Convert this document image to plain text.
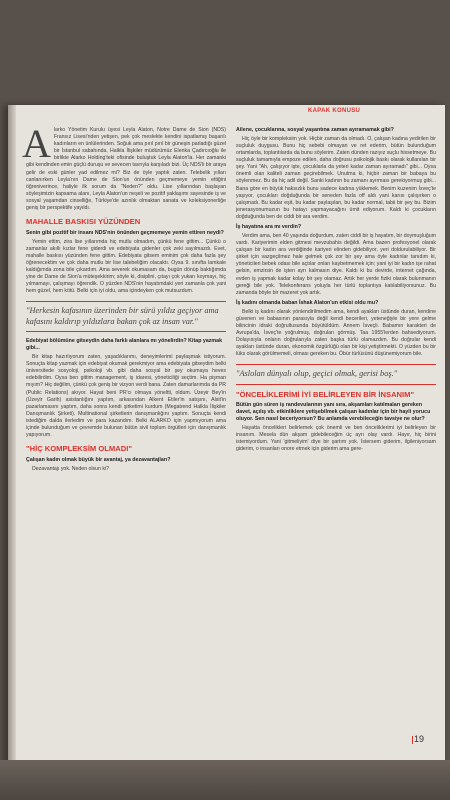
KAPAK KONUSU
A larko Yönetim Kurulu üyesi Leyla Alaton, Notre Dame de Sion (NDS) Fransız Lisesi'nden yetişen, pek çok meslekte kendini ispatlamış başarılı kadınların en ünlülerinden. Soğuk ama pırıl pırıl bir güneşin parladığı güzel bir İstanbul sabahında, Halkla İlişkiler müdürümüz Elenka Çadırcıoğlu ile birlikte Alarko Holding'teki ofisinde buluştuk Leyla Alaton'la. Her zamanki gibi kendinden emin güçlü duruşu ve sevecen tavrıyla karşıladı bizi. Üç NDS'li bir araya gelir de eski günler yad edilmez mi? Biz de öyle yaptık zaten. Telebelik yılları canlanırken Leyla'nın Dame de Sion'un önünden geçmemeye yemin ettiğini öğreniverince, haliyle ilk sorum da "Neden?" oldu. Lise yıllarından başlayan söyleşimizin kapsama alanı, Leyla Alaton'un neşeli ve pozitif yaklaşımı sayesinde iş ve sosyal yaşamdan cinselliğe, Türkiye'de azınlık olmaktan sanata ve koleksiyonerliğe geniş bir perspektife yayıldı.

MAHALLE BASKISI YÜZÜNDEN
Senin gibi pozitif bir insanı NDS'nin önünden geçmemeye yemin ettiren neydi?

Yemin ettim, zira lise yıllarımda hiç mutlu olmadım, çünkü fene gittim... Çünkü o zamanlar akıllı kızlar fene giderdi ve edebiyata gidenler çok zeki sayılmazdı. Evet, mahalle baskısı yüzünden fene gittim. Edebiyata gitsem eminim çok daha fazla şey öğrenecektim ve çok daha mutlu bir lise talebeliğim olacaktı. Oysa 9. sınıfta lamkale kaldığımda zona bile çıkardım. Ama severek okumasam da, bugün dönüp baktığımda yine de Dame de Sion'a müteşekkirim; söyle ki, disiplini, çıtayı çok yukarı koymayı, hiç yılmamayı, çalışmayı öğrendik. O yüzden NDS'nin hayatımdaki yeri zamanla çok yani hem güzel, hem kötü. Belki için iyi oldu, ama içindeyken çok mutsuzdum.

"Herkesin kafasının üzerinden bir sürü yıldız geçiyor ama kafasını kaldırıp yıldızlara bakan çok az insan var."
Edebiyat bölümüne gitseydin daha farklı alanlara mı yönelirdin? Kitap yazmak gibi...

Bir kitap hazırlıyorum zaten, yaşadıklarımı, deneyimlerimi paylaşmak istiyorum. Sonuçta kitap yazmak için edebiyat okumak gerekmiyor ama edebiyata gitseydim belki üniversitede sosyoloji, psikoloji vb. gibi daha sosyal bir şey okumaya heves edebilirdim. Oysa ben gittim management, iş idaresi, yöneticiliği seçtim. Ha pişman mıyım? Hiç değilim, çünkü çok geniş bir vizyon verdi bana. Zaten damarlarımda da PR (Public Relations) akıyor. Hayat beni PR'cı olmaya yöneltti, oldum. Üzeyir Bey'in (Üzeyir Garih) asistanlığını yaptım, arkasından Alkent Etiler'in satışını, Alsit'in pazarlamasını yaptım, daha sonra kendi şirketimi kurdum (Megatrend Halkla İlişkiler Danışmanlık Şirketi). Multinational şirketlerin danışmanlığını yaptım. Sonuçta kendi istediğim dalda ilerledim ve para kazandım. Belki ALARKO için yapmıyorum ama içinde bulunduğum ve çevremde bulunan bütün sivil toplum örgütleri için danışmanlık yapıyorum.

"HİÇ KOMPLEKSİM OLMADI"
Çalışan kadın olmak büyük bir avantaj, ya dezavantajları?

Dezavantajı yok. Neden olsun ki?

Ailene, çocuklarına, sosyal yaşantına zaman ayıramamak gibi?

Hiç öyle bir kompleksim yok. Hiçbir zaman da olmadı. O, çalışan kadına yedirilen bir suçluluk duygusu. Bunu hiç sebebi olmayan ve ret ederim, bütün bulunduğum ortamlarda, toplantılarda da bunu söylerim. Zaten dünden razıyız suçlu hissetmeye. Bu suçluluk tamamıyla empoze edilen, daha doğrusu psikolojik baskı olarak kullanılan bir şey. Yani "Ah, çalışıyor işte, çocuklarla da yeteri kadar zaman ayıramadı" gibi... Oysa önemli olan kaliteli zaman geçirebilmek. Unutma ki, hiçbir zaman bir babaya bu söylenmez. Bu da hiç adil değil. Sanki kadının bu zamanı ayırması gerekiyormuş gibi... Bana göre en büyük haksızlık bunu sadece kadına yüklemek. Benim kuzenim İsveç'te yaşıyor, çocukları doğduğunda bir seneden fazla off aldı yani karısı çalışırken o çalışmadı. Bu kadar eşit, bu kadar paylaşılan, bu kadar normal, tabii bir şey bu. Bizim jenerasyonumuzun bu hatayı yapmayacağını ümit ediyorum. Kaldı ki çocukların doğduğunda ben de ciddi bir ara verdim.

İş hayatına ara mı verdin?

Verdim ama, ben 40 yaşında doğurdum, zaten ciddi bir iş hayatım, bir doymuşluğum vardı. Kariyerimin elden gitmesi mevzubahis değildi. Ama bazen profesyonel olarak çalışan bir kadın ara verdiğinde kariyeri elinden gidebiliyor, yeri doldurulabiliyor. Bir şirket için vazgeçilmez hale gelmek çok zor bir şey ama öyle kadınlar tanıdım ki, yöneticileri bebek odası bile açtılar onları kaybetmemek için; yani iyi bir kadın işe rahat gelsin, emzirsin de işten ayrı kalmasın diye. Kaldı ki bu devirde, internet çağında, evden iş yapmak kadar kolay bir şey olamaz. Artık her yerde fiziki olarak bulunmanın gereği bile yok. Telekonferans yoluyla her türlü toplantıya katılabiliyorsunuz. Bu zamanda böyle bir mazeret yok artık.

İş kadını olmanda baban İshak Alaton'un etkisi oldu mu?

Belki iş kadını olarak yönlendirilmedim ama, kendi ayakları üstünde duran, kendine güvenen ve babasının parasıyla değil kendi becerileri, yeteneğiyle bir yere gelme bilincinin idraki doğrultusunda büyütüldüm. Annem İsveçli. Babamın karakteri de Avrupa'da, İsveç'te yoğrulmuş, doğruları görmüş. Taa 1955'lerden bahsediyorum. Dolayısıyla onların doğrularıyla zaten başka türlü olamazdım. Bu doğrular kendi ayakları üstünde duran, ekonomik özgürlüğü olan bir kişi yetiştirmekti. O yüzden bu bir lüks olarak görülmemeli, olması gereken bu. Öbür türlüsünü düşünemiyorum bile.

"Aslolan dünyalı olup, geçici olmak, gerisi boş."
"ÖNCELİKLERİMİ İYİ BELİRLEYEN BİR İNSANIM"
Bütün gün süren iş randevularının yanı sıra, akşamları katılmaları gereken davet, açılış vb. etkinliklere yetişebilmek çalışan kadınlar için bir hayli yorucu oluyor. Sen nasıl beceriyorsun? Bu anlamda verebileceğin tavsiye ne olur?

Hayatta öncelikleri belirlemek çok önemli ve ben önceliklerimi iyi belirleyen bir insanım. Mesela dün akşam gidebileceğim üç ayrı olay vardı. Hayır, hiç birini istemiyordum. Yani 'gitmeliyim' diye bir şartım yok. İstersem giderim, ilgileniyorsam giderim, o insanları onore etmek için giderim ama gere-

19
